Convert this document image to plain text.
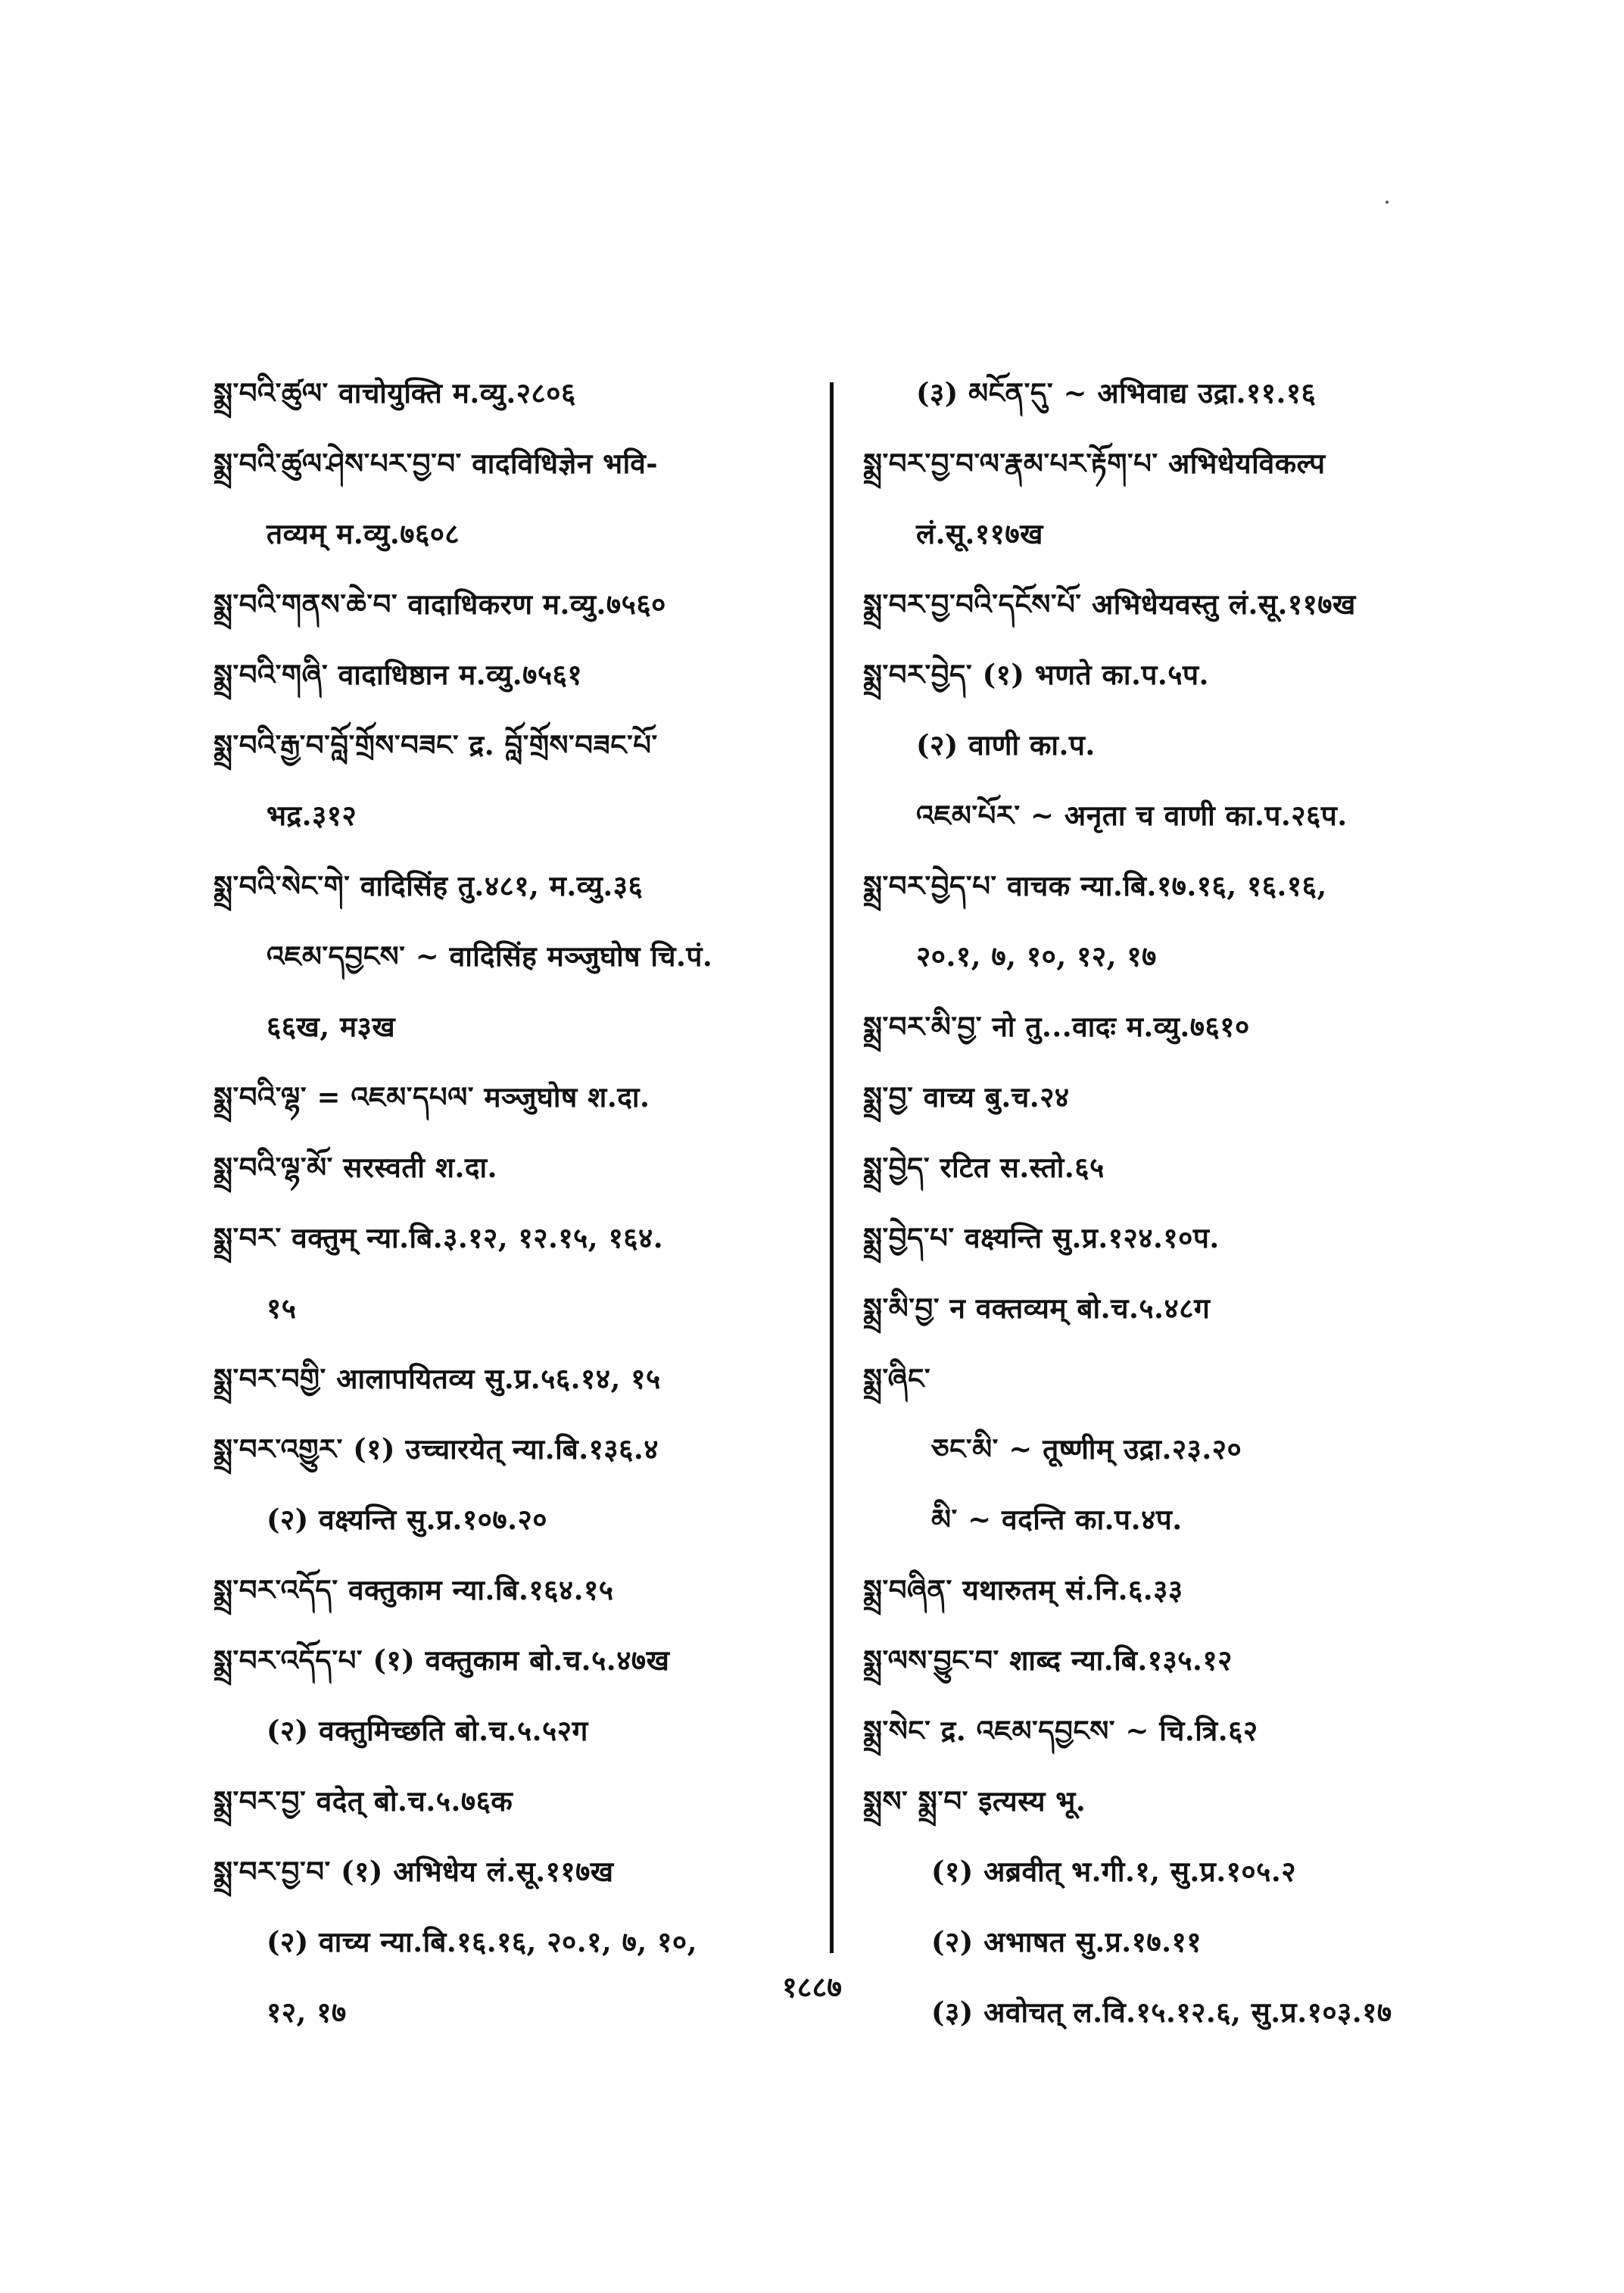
སྨྲ་བའི་ཚུལ་ वाचोयुक्ति म.व्यु.२८०६
སྨྲ་བའི་ཚུལ་ཤེས་པར་བྱ་བ་ वादविधिज्ञेन भवि-
तव्यम् म.व्यु.७६०८
སྨྲ་བའི་གནས་ཆེ་བ་ वादाधिकरण म.व्यु.७५६०
སྨྲ་བའི་གཞི་ वादाधिष्ठान म.व्यु.७५६१
སྨྲ་བའི་རྒྱ་བ་བློ་གྲོས་བཟང་ द्र. བློ་གྲོས་བཟང་པོ་
भद्र.३१२
སྨྲ་བའི་སེང་གེ་ वादिसिंह तु.४८१, म.व्यु.३६
འཇམ་དབྱངས་ ~ वादिसिंह मञ्जुघोष चि.पं.
६६ख, म३ख
སྨྲ་བའི་ལྷ་ = འཇམ་དཔལ་ मञ्जुघोष श.दा.
སྨྲ་བའི་ལྷ་མོ་ सरस्वती श.दा.
སྨྲ་བར་ वक्तुम् न्या.बि.३.१२, १२.१५, १६४.
१५
སྨྲ་བར་བགྱི་ आलापयितव्य सु.प्र.५६.१४, १५
སྨྲ་བར་འགྱུར་ (१) उच्चारयेत् न्या.बि.१३६.४
(२) वक्ष्यन्ति सु.प्र.१०७.२०
སྨྲ་བར་འདོད་ वक्तुकाम न्या.बि.१६४.१५
སྨྲ་བར་འདོད་པ་ (१) वक्तुकाम बो.च.५.४७ख
(२) वक्तुमिच्छति बो.च.५.५२ग
སྨྲ་བར་བྱ་ वदेत् बो.च.५.७६क
སྨྲ་བར་བྱ་བ་ (१) अभिधेय लं.सू.११७ख
(२) वाच्य न्या.बि.१६.१६, २०.१, ७, १०,
१२, १७
(३) མངོན་དུ་ ~ अभिवाद्य उद्रा.११.१६
སྨྲ་བར་བྱ་བ་ལ་རྣམ་པར་རྟོག་པ་ अभिधेयविकल्प
लं.सू.११७ख
སྨྲ་བར་བྱ་བའི་དངོས་པོ་ अभिधेयवस्तु लं.सू.११७ख
སྨྲ་བར་བྱེད་ (१) भणते का.प.५प.
(२) वाणी का.प.
འཇམ་པོར་ ~ अनृता च वाणी का.प.२६प.
སྨྲ་བར་བྱེད་པ་ वाचक न्या.बि.१७.१६, १६.१६,
२०.१, ७, १०, १२, १७
སྨྲ་བར་མི་བྱ་ नो तु...वादः म.व्यु.७६१०
སྨྲ་བྱ་ वाच्य बु.च.२४
སྨྲ་བྱེད་ रटित स.स्तो.६५
སྨྲ་བྱེད་པ་ वक्ष्यन्ति सु.प्र.१२४.१०प.
སྨྲ་མི་བྱ་ न वक्तव्यम् बो.च.५.४८ग
སྨྲ་ཞིང་
ཅང་མི་ ~ तूष्णीम् उद्रा.२३.२०
མི་ ~ वदन्ति का.प.४प.
སྨྲ་བཞིན་ यथारुतम् सं.नि.६.३३
སྨྲ་ལས་བྱུང་བ་ शाब्द न्या.बि.१३५.१२
སྨྲ་སེང་ द्र. འཇམ་དབྱངས་ ~ चि.त्रि.६२
སྨྲས་ སྨྲ་བ་ इत्यस्य भू.
(१) अब्रवीत् भ.गी.१, सु.प्र.१०५.२
(२) अभाषत सु.प्र.१७.११
(३) अवोचत् ल.वि.१५.१२.६, सु.प्र.१०३.१७
१८८७
